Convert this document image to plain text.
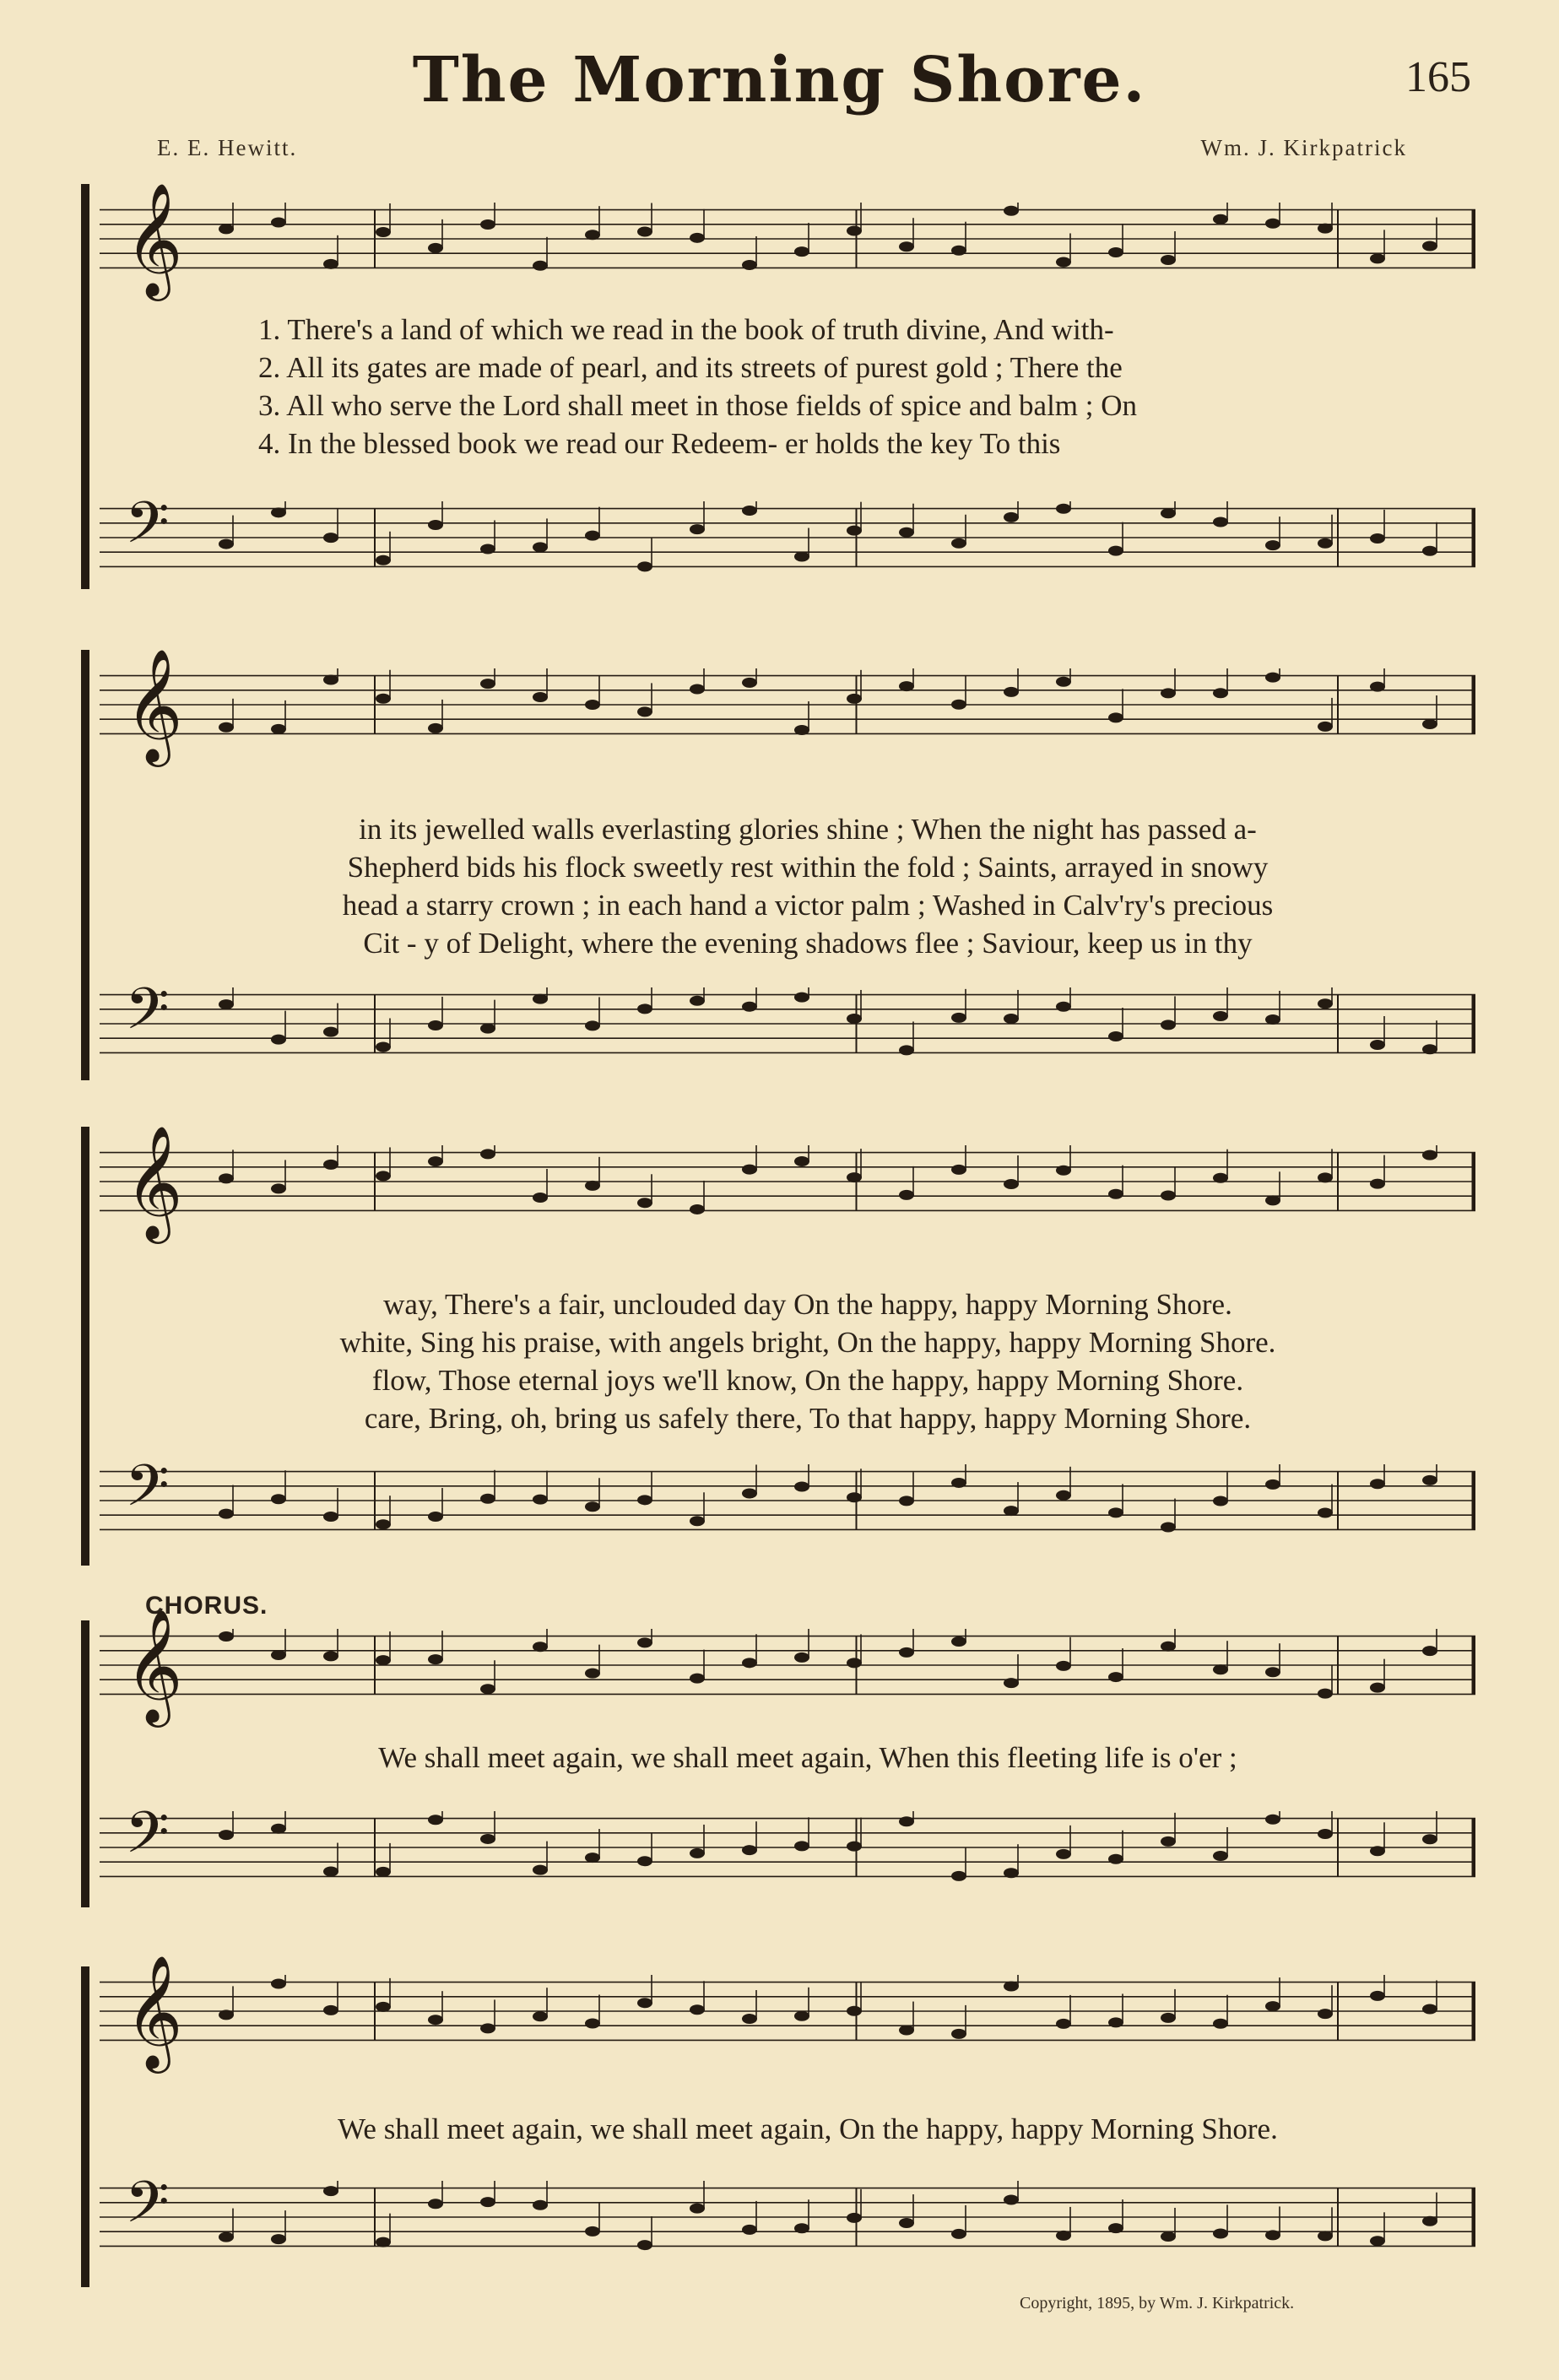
The Morning Shore.	165
E. E. Hewitt.	Wm. J. Kirkpatrick
𝄞
1. There's a land of which we read in the book of truth divine, And with-
2. All its gates are made of pearl, and its streets of purest gold ; There the
3. All who serve the Lord shall meet in those fields of spice and balm ; On
4. In the blessed book we read our Redeem- er holds the key To this
𝄢
𝄞
in its jewelled walls everlasting glories shine ; When the night has passed a-
Shepherd bids his flock sweetly rest within the fold ; Saints, arrayed in snowy
head a starry crown ; in each hand a victor palm ; Washed in Calv'ry's precious
Cit - y of Delight, where the evening shadows flee ; Saviour, keep us in thy
𝄢
𝄞
way, There's a fair, unclouded day On the happy, happy Morning Shore.
white, Sing his praise, with angels bright, On the happy, happy Morning Shore.
flow, Those eternal joys we'll know, On the happy, happy Morning Shore.
care, Bring, oh, bring us safely there, To that happy, happy Morning Shore.
𝄢
CHORUS.
𝄞
We shall meet again, we shall meet again, When this fleeting life is o'er ;
𝄢
𝄞
We shall meet again, we shall meet again, On the happy, happy Morning Shore.
𝄢
Copyright, 1895, by Wm. J. Kirkpatrick.
